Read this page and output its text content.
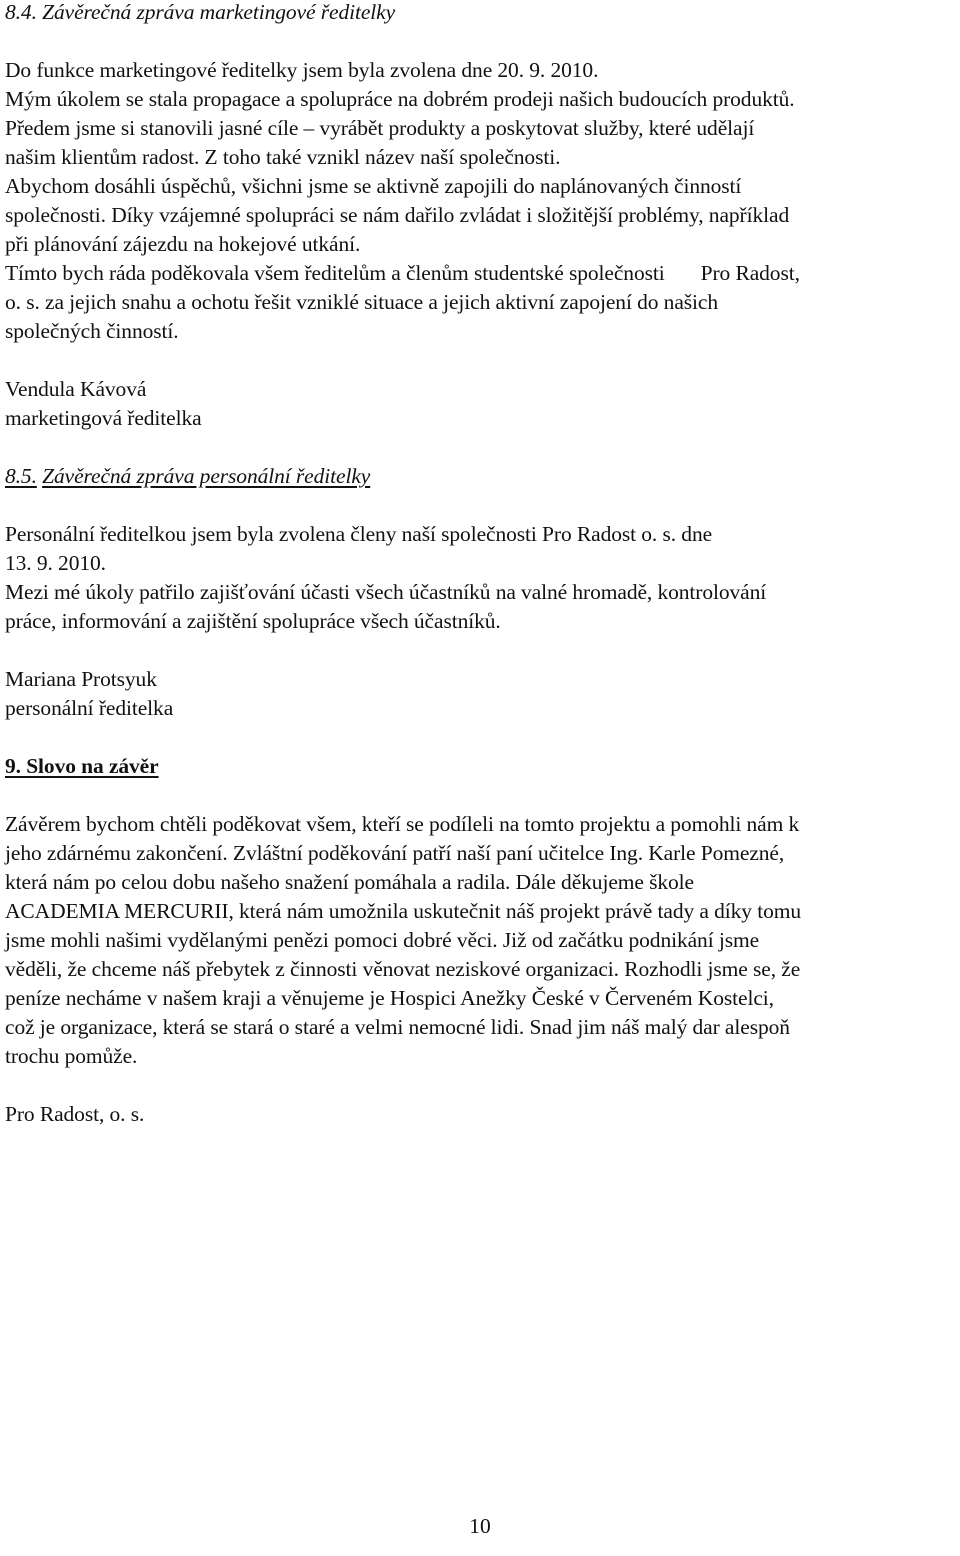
8.4. Závěrečná zpráva marketingové ředitelky
Do funkce marketingové ředitelky jsem byla zvolena dne 20. 9. 2010.
Mým úkolem se stala propagace a spolupráce na dobrém prodeji našich budoucích produktů.
Předem jsme si stanovili jasné cíle – vyrábět produkty a poskytovat služby, které udělají
našim klientům radost. Z toho také vznikl název naší společnosti.
Abychom dosáhli úspěchů, všichni jsme se aktivně zapojili do naplánovaných činností
společnosti. Díky vzájemné spolupráci se nám dařilo zvládat i složitější problémy, například
při plánování zájezdu na hokejové utkání.
Tímto bych ráda poděkovala všem ředitelům a členům studentské společnosti Pro Radost,
o. s. za jejich snahu a ochotu řešit vzniklé situace a jejich aktivní zapojení do našich
společných činností.
Vendula Kávová
marketingová ředitelka
8.5. Závěrečná zpráva personální ředitelky
Personální ředitelkou jsem byla zvolena členy naší společnosti Pro Radost o. s. dne
13. 9. 2010.
Mezi mé úkoly patřilo zajišťování účasti všech účastníků na valné hromadě, kontrolování
práce, informování a zajištění spolupráce všech účastníků.
Mariana Protsyuk
personální ředitelka
9. Slovo na závěr
Závěrem bychom chtěli poděkovat všem, kteří se podíleli na tomto projektu a pomohli nám k
jeho zdárnému zakončení. Zvláštní poděkování patří naší paní učitelce Ing. Karle Pomezné,
která nám po celou dobu našeho snažení pomáhala a radila. Dále děkujeme škole
ACADEMIA MERCURII, která nám umožnila uskutečnit náš projekt právě tady a díky tomu
jsme mohli našimi vydělanými penězi pomoci dobré věci. Již od začátku podnikání jsme
věděli, že chceme náš přebytek z činnosti věnovat neziskové organizaci. Rozhodli jsme se, že
peníze necháme v našem kraji a věnujeme je Hospici Anežky České v Červeném Kostelci,
což je organizace, která se stará o staré a velmi nemocné lidi. Snad jim náš malý dar alespoň
trochu pomůže.
Pro Radost, o. s.
10
